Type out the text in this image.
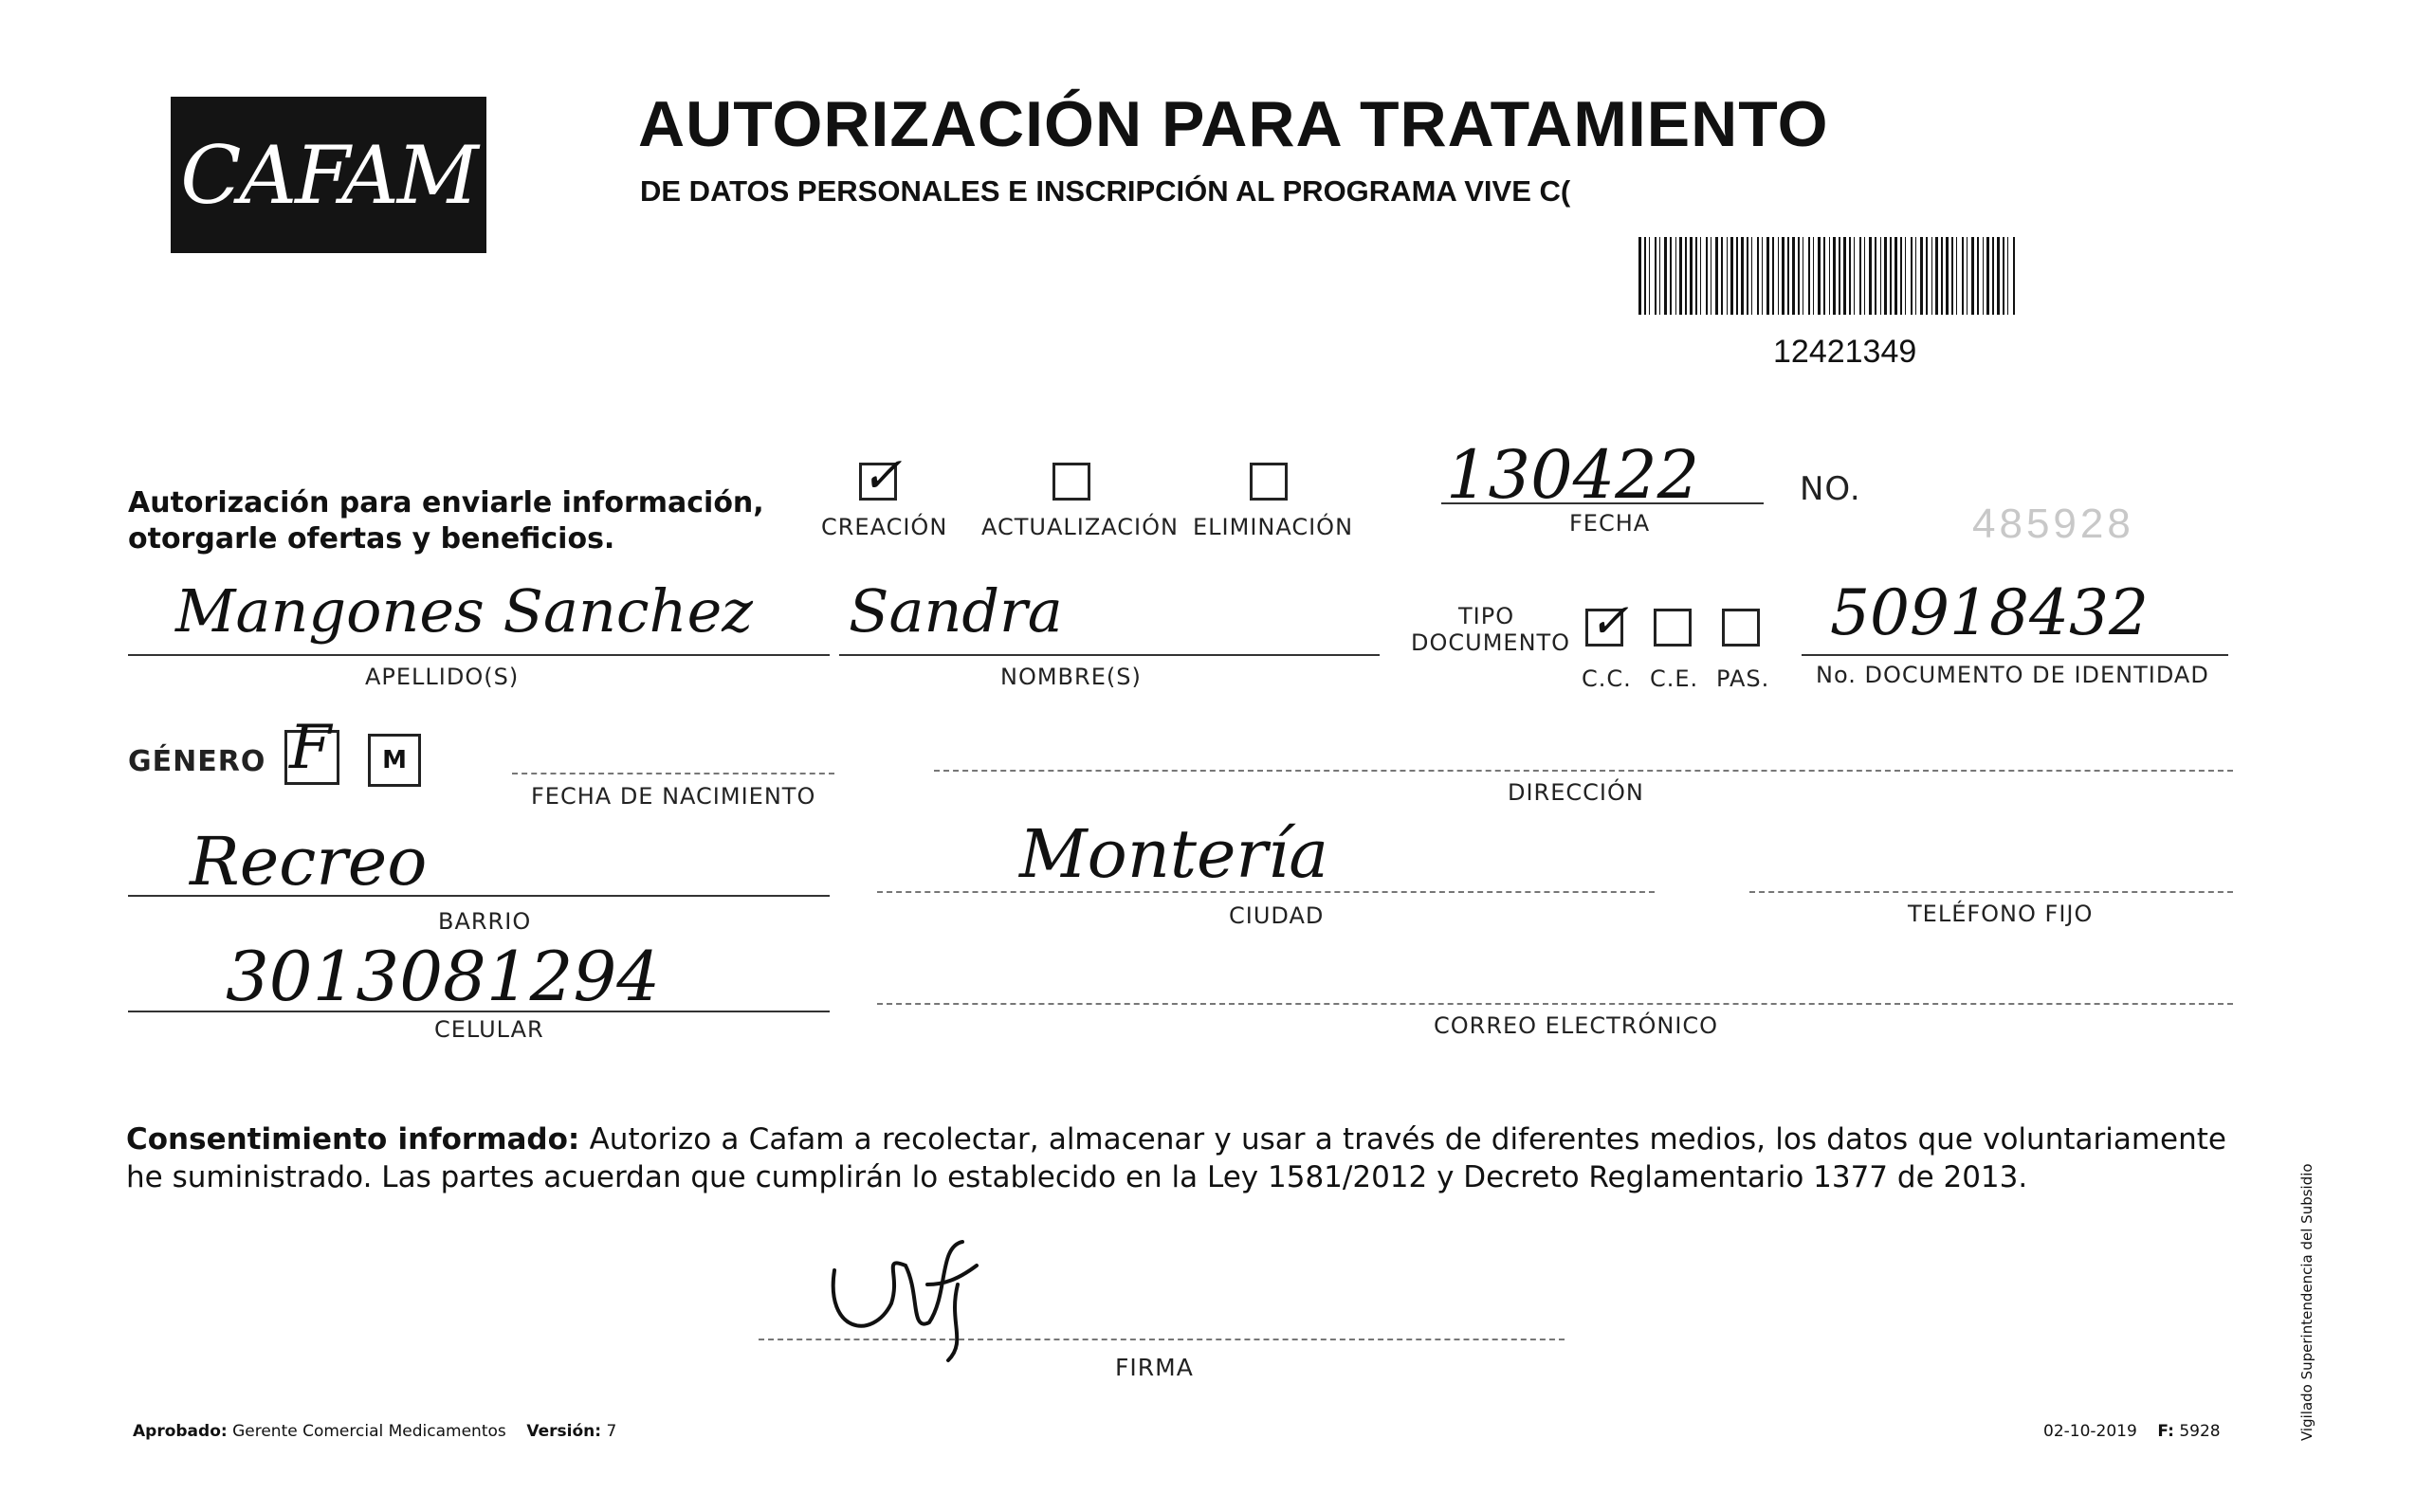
CAFAM
AUTORIZACIÓN PARA TRATAMIENTO
DE DATOS PERSONALES E INSCRIPCIÓN AL PROGRAMA VIVE C(
12421349
Autorización para enviarle información,
otorgarle ofertas y beneficios.
✓
CREACIÓN ACTUALIZACIÓN ELIMINACIÓN
130422
FECHA
NO.
485928
Mangones Sanchez
APELLIDO(S)
Sandra
NOMBRE(S)
TIPO
DOCUMENTO ✓
C.C. C.E. PAS.
50918432
No. DOCUMENTO DE IDENTIDAD
GÉNERO F M
FECHA DE NACIMIENTO	DIRECCIÓN
Recreo
BARRIO
Montería
CIUDAD	TELÉFONO FIJO
3013081294
CELULAR	CORREO ELECTRÓNICO
Consentimiento informado: Autorizo a Cafam a recolectar, almacenar y usar a través de diferentes medios, los datos que voluntariamente he suministrado. Las partes acuerdan que cumplirán lo establecido en la Ley 1581/2012 y Decreto Reglamentario 1377 de 2013.
FIRMA
Aprobado: Gerente Comercial Medicamentos Versión: 7	02-10-2019 F: 5928	Vigilado Superintendencia del Subsidio
